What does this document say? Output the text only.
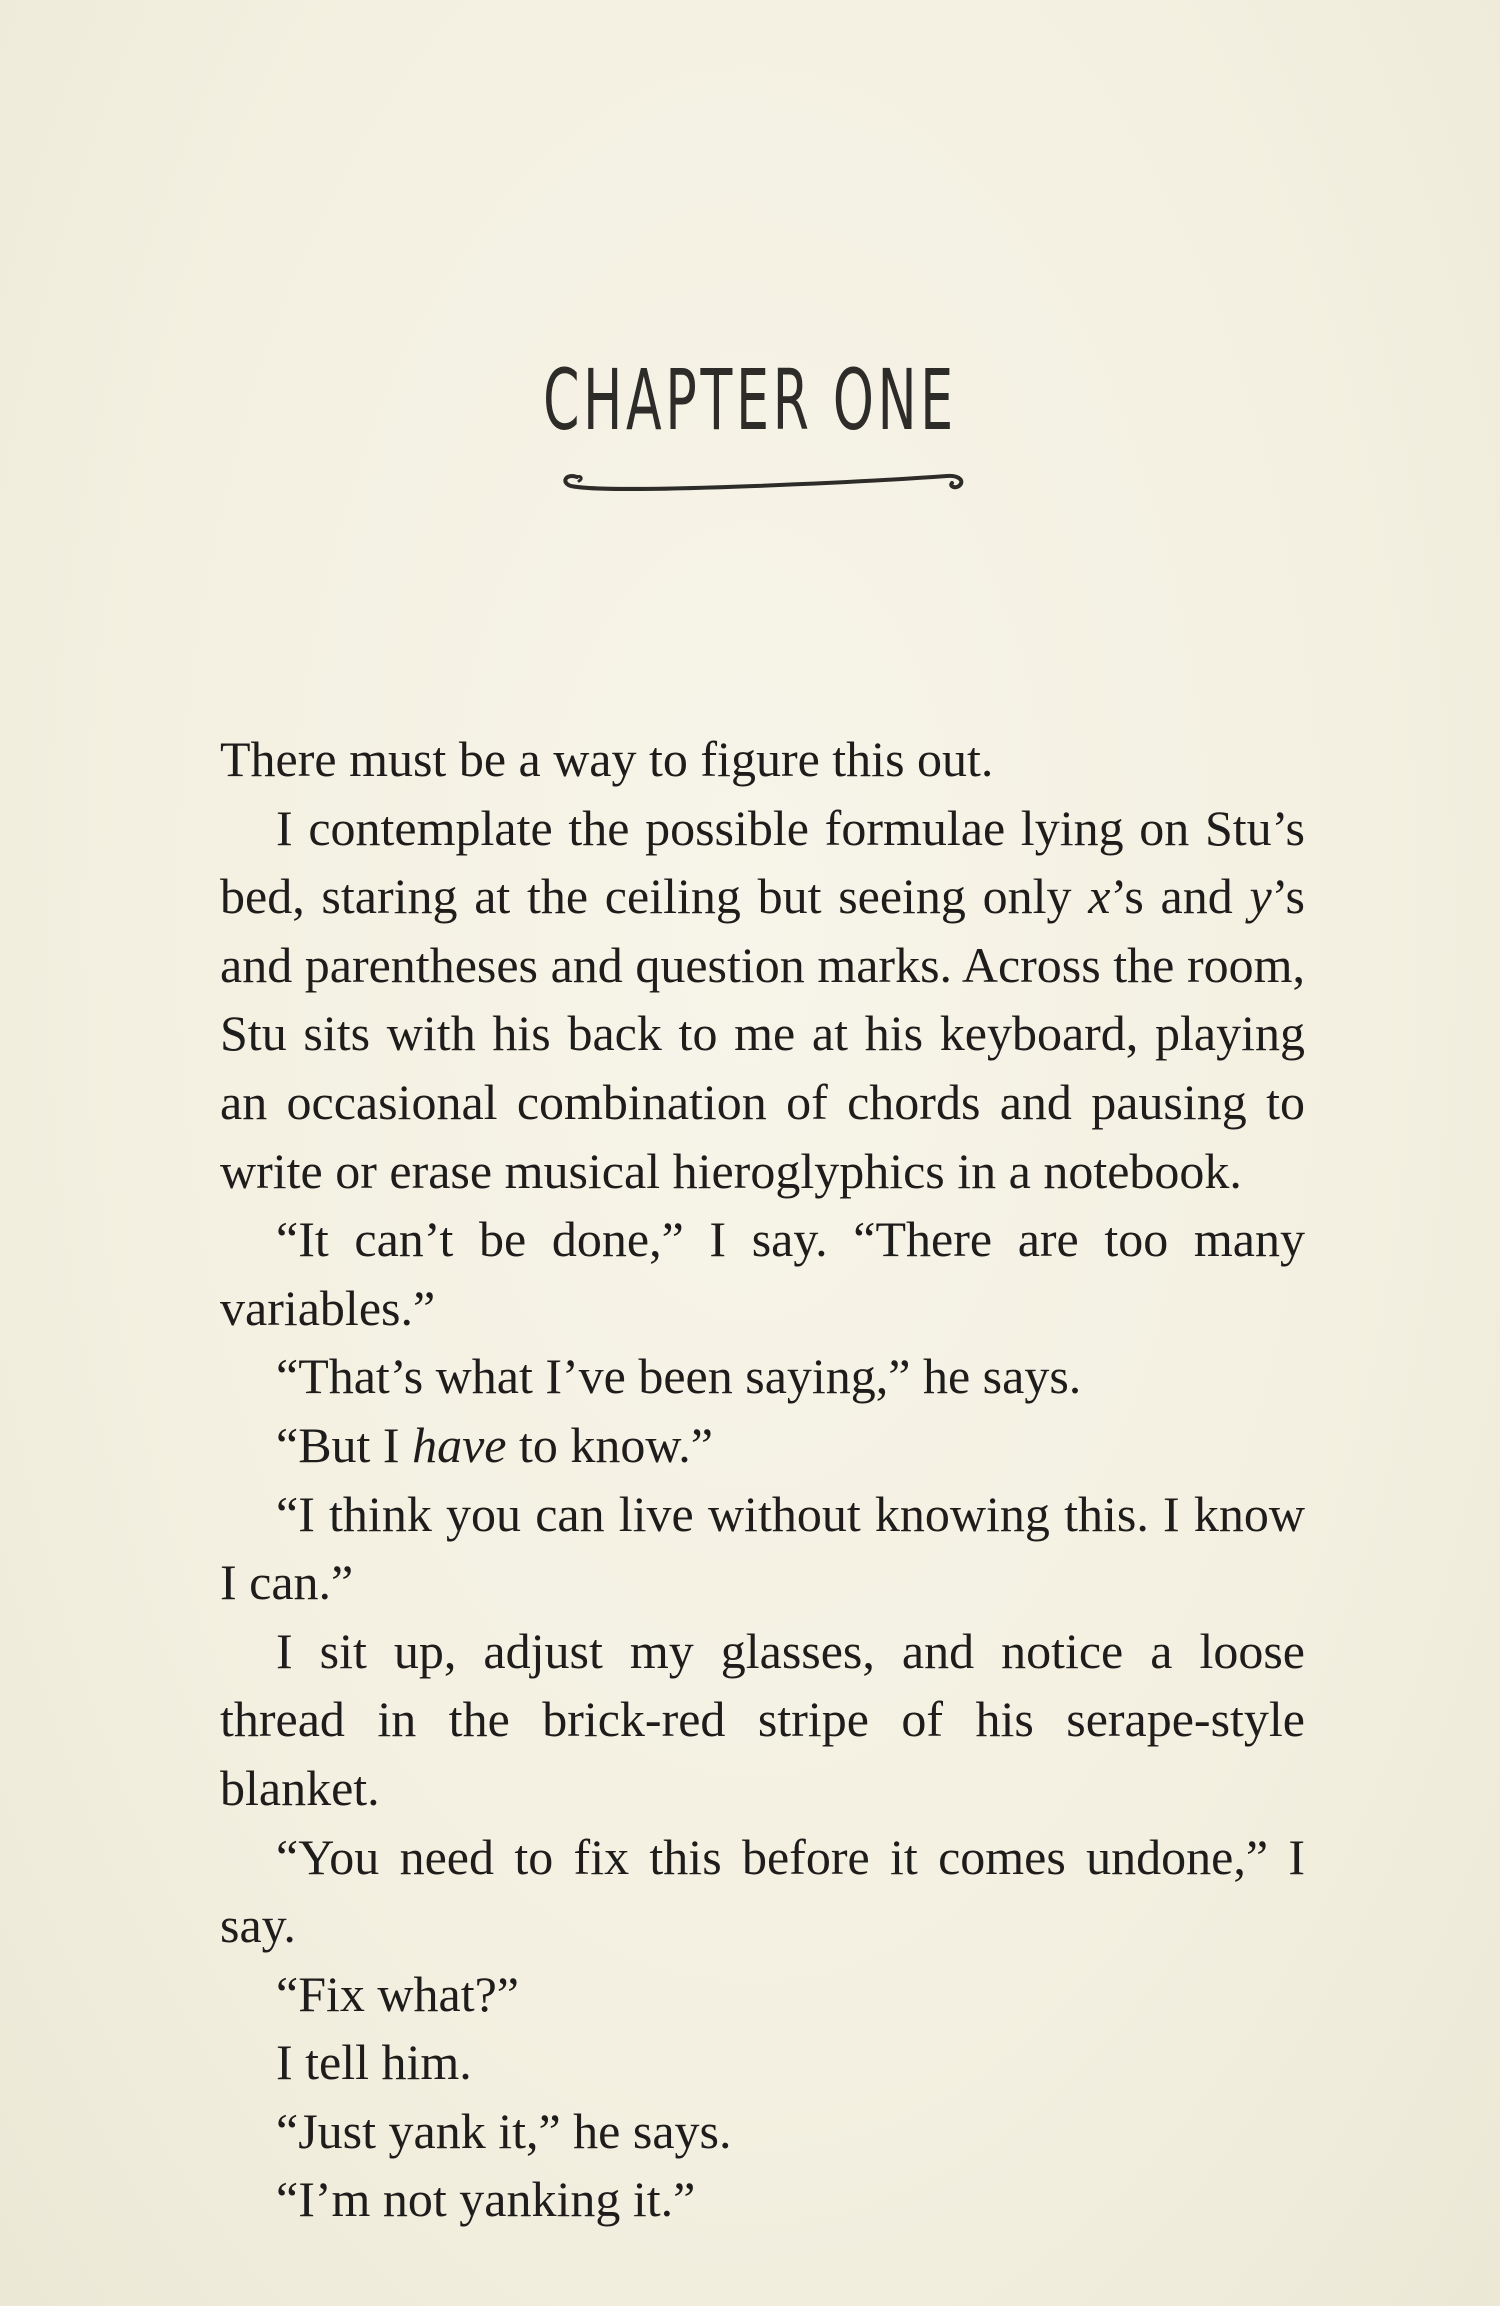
CHAPTER ONE

There must be a way to figure this out.

I contemplate the possible formulae lying on Stu’s bed, staring at the ceiling but seeing only x’s and y’s and parentheses and question marks. Across the room, Stu sits with his back to me at his keyboard, playing an occasional combination of chords and pausing to write or erase musical hieroglyphics in a notebook.

“It can’t be done,” I say. “There are too many variables.”

“That’s what I’ve been saying,” he says.

“But I have to know.”

“I think you can live without knowing this. I know I can.”

I sit up, adjust my glasses, and notice a loose thread in the brick-red stripe of his serape-style blanket.

“You need to fix this before it comes undone,” I say.

“Fix what?”

I tell him.

“Just yank it,” he says.

“I’m not yanking it.”
